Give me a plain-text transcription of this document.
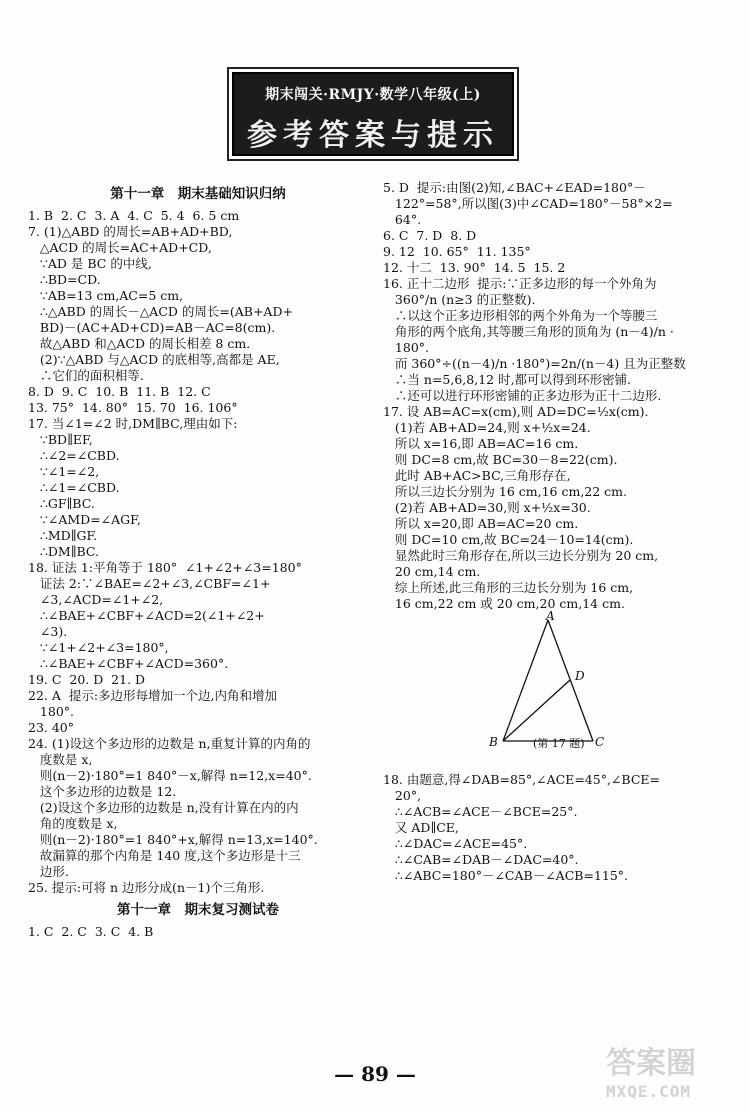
期末闯关·RMJY·数学八年级(上)
参考答案与提示
第十一章　期末基础知识归纳
1. B  2. C  3. A  4. C  5. 4  6. 5 cm
7. (1)△ABD 的周长=AB+AD+BD,
△ACD 的周长=AC+AD+CD,
∵AD 是 BC 的中线,
∴BD=CD.
∵AB=13 cm,AC=5 cm,
∴△ABD 的周长－△ACD 的周长=(AB+AD+
BD)－(AC+AD+CD)=AB－AC=8(cm).
故△ABD 和△ACD 的周长相差 8 cm.
(2)∵△ABD 与△ACD 的底相等,高都是 AE,
∴它们的面积相等.
8. D  9. C  10. B  11. B  12. C
13. 75°  14. 80°  15. 70  16. 106°
17. 当∠1=∠2 时,DM∥BC,理由如下:
∵BD∥EF,
∴∠2=∠CBD.
∵∠1=∠2,
∴∠1=∠CBD.
∴GF∥BC.
∵∠AMD=∠AGF,
∴MD∥GF.
∴DM∥BC.
18. 证法 1:平角等于 180°  ∠1+∠2+∠3=180°
证法 2:∵∠BAE=∠2+∠3,∠CBF=∠1+
∠3,∠ACD=∠1+∠2,
∴∠BAE+∠CBF+∠ACD=2(∠1+∠2+
∠3).
∵∠1+∠2+∠3=180°,
∴∠BAE+∠CBF+∠ACD=360°.
19. C  20. D  21. D
22. A  提示:多边形每增加一个边,内角和增加
180°.
23. 40°
24. (1)设这个多边形的边数是 n,重复计算的内角的
度数是 x,
则(n－2)·180°=1 840°－x,解得 n=12,x=40°.
这个多边形的边数是 12.
(2)设这个多边形的边数是 n,没有计算在内的内
角的度数是 x,
则(n－2)·180°=1 840°+x,解得 n=13,x=140°.
故漏算的那个内角是 140 度,这个多边形是十三
边形.
25. 提示:可将 n 边形分成(n－1)个三角形.
第十一章　期末复习测试卷
1. C  2. C  3. C  4. B
5. D  提示:由图(2)知,∠BAC+∠EAD=180°－
122°=58°,所以图(3)中∠CAD=180°－58°×2=
64°.
6. C  7. D  8. D
9. 12  10. 65°  11. 135°
12. 十二  13. 90°  14. 5  15. 2
16. 正十二边形  提示:∵正多边形的每一个外角为
360°/n (n≥3 的正整数).
∴以这个正多边形相邻的两个外角为一个等腰三
角形的两个底角,其等腰三角形的顶角为 (n－4)/n ·
180°.
而 360°÷((n－4)/n ·180°)=2n/(n－4) 且为正整数
∴当 n=5,6,8,12 时,都可以得到环形密铺.
∴还可以进行环形密铺的正多边形为正十二边形.
17. 设 AB=AC=x(cm),则 AD=DC=½x(cm).
(1)若 AB+AD=24,则 x+½x=24.
所以 x=16,即 AB=AC=16 cm.
则 DC=8 cm,故 BC=30－8=22(cm).
此时 AB+AC>BC,三角形存在,
所以三边长分别为 16 cm,16 cm,22 cm.
(2)若 AB+AD=30,则 x+½x=30.
所以 x=20,即 AB=AC=20 cm.
则 DC=10 cm,故 BC=24－10=14(cm).
显然此时三角形存在,所以三边长分别为 20 cm,
20 cm,14 cm.
综上所述,此三角形的三边长分别为 16 cm,
16 cm,22 cm 或 20 cm,20 cm,14 cm.
A
B	C
D
(第 17 题)
18. 由题意,得∠DAB=85°,∠ACE=45°,∠BCE=
20°,
∴∠ACB=∠ACE－∠BCE=25°.
又 AD∥CE,
∴∠DAC=∠ACE=45°.
∴∠CAB=∠DAB－∠DAC=40°.
∴∠ABC=180°－∠CAB－∠ACB=115°.
— 89 —	答案圈
MXQE.COM
